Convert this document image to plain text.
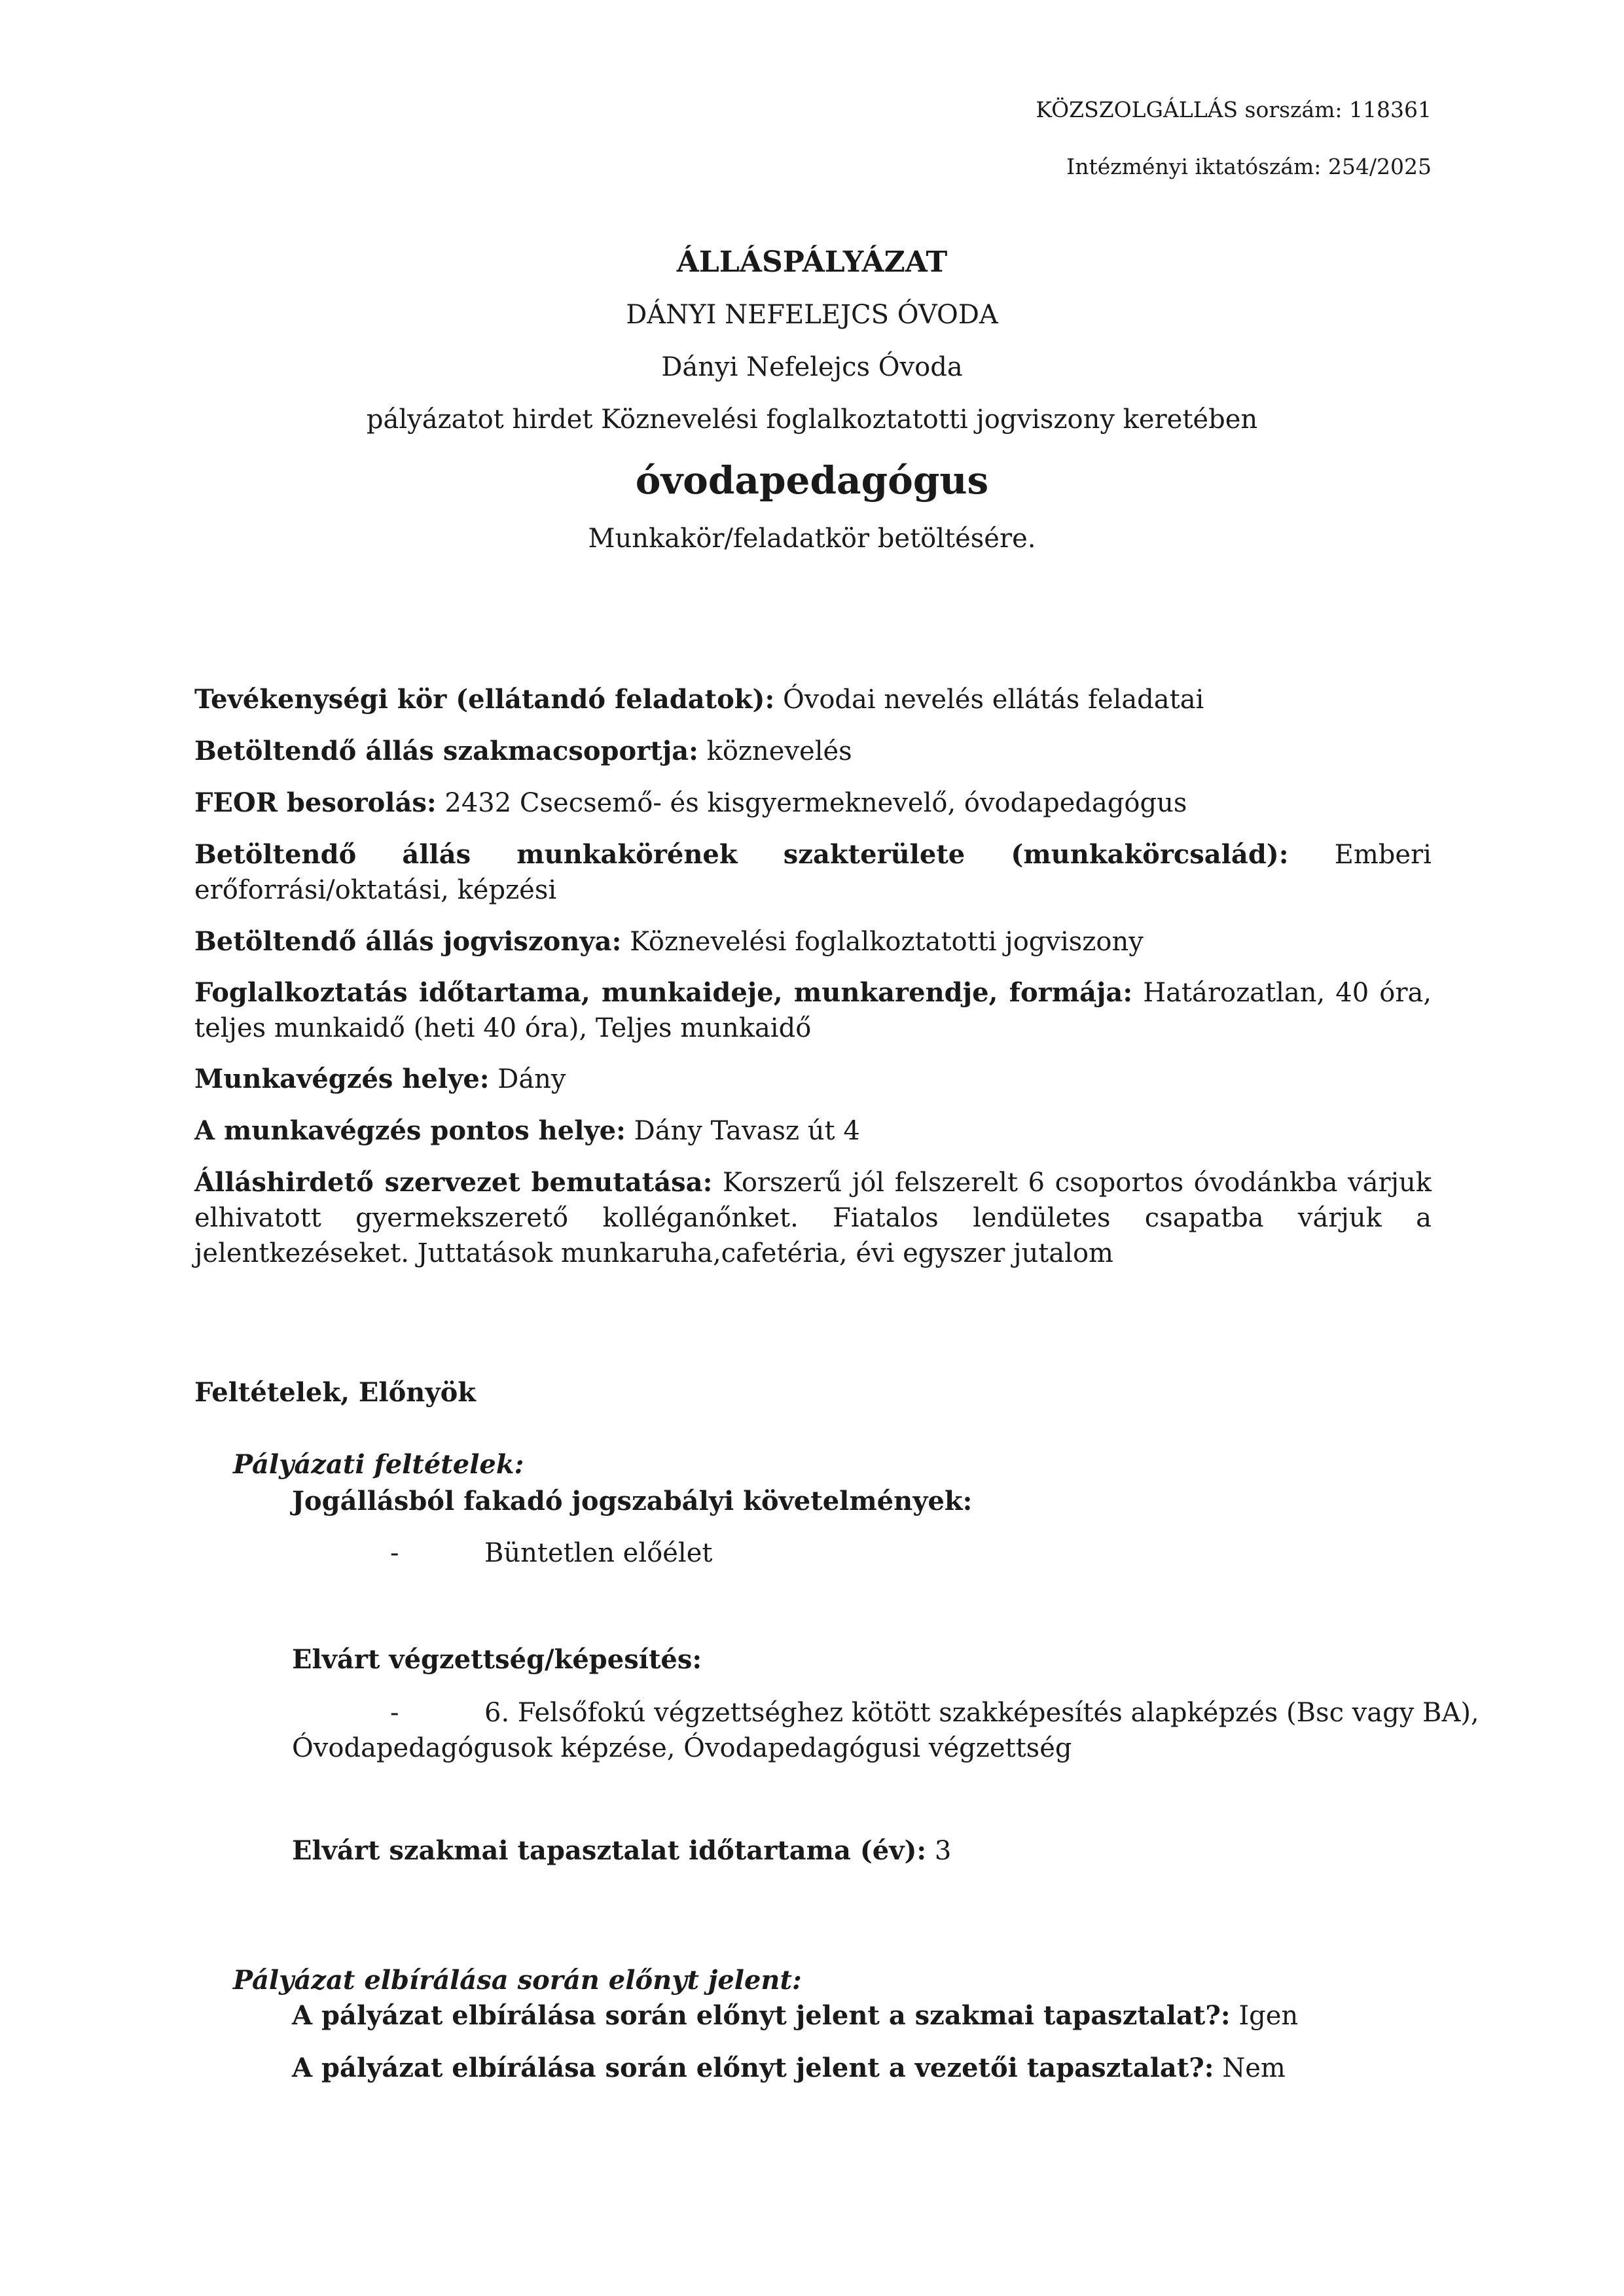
KÖZSZOLGÁLLÁS sorszám: 118361
Intézményi iktatószám: 254/2025
ÁLLÁSPÁLYÁZAT
DÁNYI NEFELEJCS ÓVODA
Dányi Nefelejcs Óvoda
pályázatot hirdet Köznevelési foglalkoztatotti jogviszony keretében
óvodapedagógus
Munkakör/feladatkör betöltésére.
Tevékenységi kör (ellátandó feladatok): Óvodai nevelés ellátás feladatai
Betöltendő állás szakmacsoportja: köznevelés
FEOR besorolás: 2432 Csecsemő- és kisgyermeknevelő, óvodapedagógus
Betöltendő állás munkakörének szakterülete (munkakörcsalád): Emberi
erőforrási/oktatási, képzési
Betöltendő állás jogviszonya: Köznevelési foglalkoztatotti jogviszony
Foglalkoztatás időtartama, munkaideje, munkarendje, formája: Határozatlan, 40 óra, teljes munkaidő (heti 40 óra), Teljes munkaidő
Munkavégzés helye: Dány
A munkavégzés pontos helye: Dány Tavasz út 4
Álláshirdető szervezet bemutatása: Korszerű jól felszerelt 6 csoportos óvodánkba várjuk elhivatott gyermekszerető kolléganőnket. Fiatalos lendületes csapatba várjuk a jelentkezéseket. Juttatások munkaruha,cafetéria, évi egyszer jutalom
Feltételek, Előnyök
Pályázati feltételek:
Jogállásból fakadó jogszabályi követelmények:
-	Büntetlen előélet
Elvárt végzettség/képesítés:
-	6. Felsőfokú végzettséghez kötött szakképesítés alapképzés (Bsc vagy BA),
Óvodapedagógusok képzése, Óvodapedagógusi végzettség
Elvárt szakmai tapasztalat időtartama (év): 3
Pályázat elbírálása során előnyt jelent:
A pályázat elbírálása során előnyt jelent a szakmai tapasztalat?: Igen
A pályázat elbírálása során előnyt jelent a vezetői tapasztalat?: Nem
